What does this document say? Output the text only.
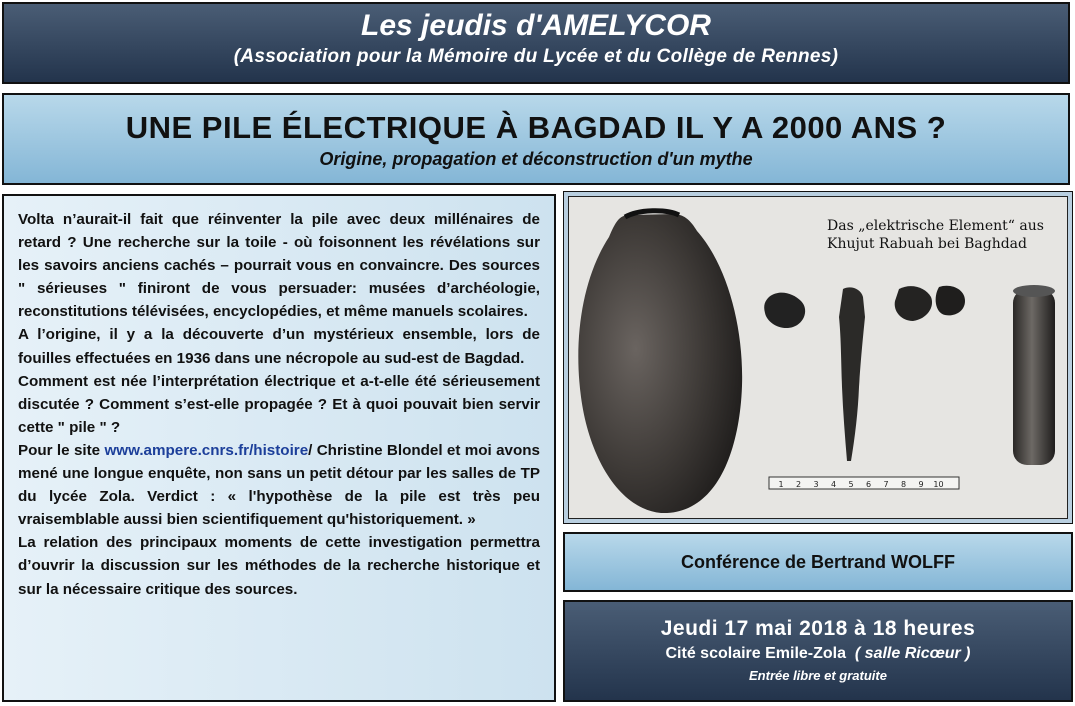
Les jeudis d'AMELYCOR
(Association pour la Mémoire du Lycée et du Collège de Rennes)
UNE PILE ÉLECTRIQUE À BAGDAD IL Y A 2000 ANS ?
Origine, propagation et déconstruction d'un mythe

Volta n’aurait-il fait que réinventer la pile avec deux millénaires de retard ? Une recherche sur la toile - où foisonnent les révélations sur les savoirs anciens cachés – pourrait vous en convaincre. Des sources " sérieuses " finiront de vous persuader: musées d’archéologie, reconstitutions télévisées, encyclopédies, et même manuels scolaires.

A l’origine, il y a la découverte d’un mystérieux ensemble, lors de fouilles effectuées en 1936 dans une nécropole au sud-est de Bagdad.

Comment est née l’interprétation électrique et a-t-elle été sérieusement discutée ? Comment s’est-elle propagée ? Et à quoi pouvait bien servir cette " pile " ?

Pour le site www.ampere.cnrs.fr/histoire/ Christine Blondel et moi avons mené une longue enquête, non sans un petit détour par les salles de TP du lycée Zola. Verdict : « l'hypothèse de la pile est très peu vraisemblable aussi bien scientifiquement qu'historiquement. »

La relation des principaux moments de cette investigation permettra d’ouvrir la discussion sur les méthodes de la recherche historique et sur la nécessaire critique des sources.

1 2 3 4 5 6 7 8 9 10
Das „elektrische Element“ aus
Khujut Rabuah bei Baghdad
Conférence de Bertrand WOLFF
Jeudi 17 mai 2018 à 18 heures
Cité scolaire Emile-Zola ( salle Ricœur )
Entrée libre et gratuite
